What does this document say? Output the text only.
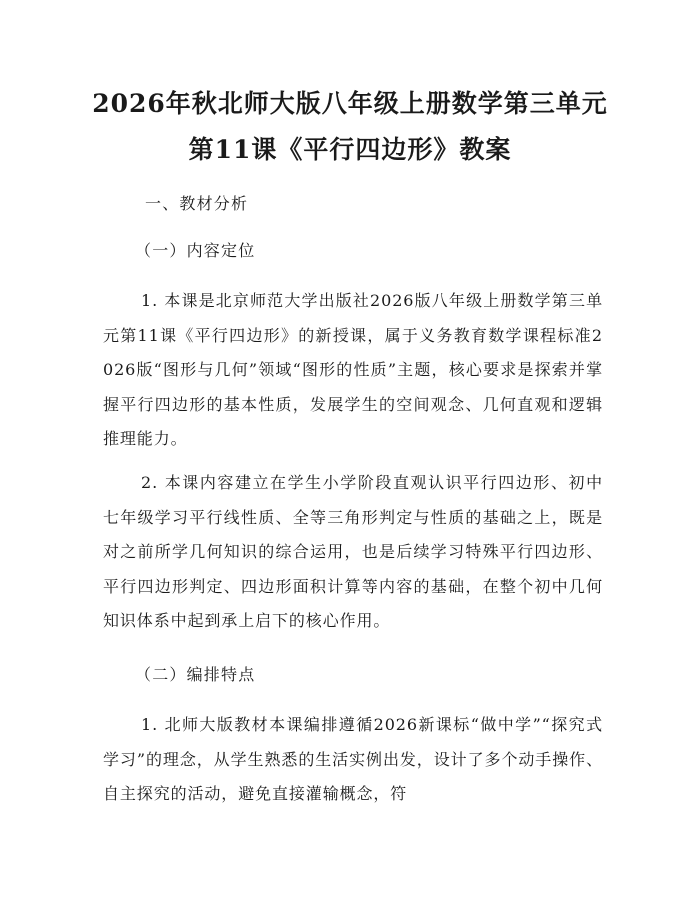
2026年秋北师大版八年级上册数学第三单元
第11课《平行四边形》教案
一、教材分析
（一）内容定位
1. 本课是北京师范大学出版社2026版八年级上册数学第三单元第11课《平行四边形》的新授课，属于义务教育数学课程标准2026版“图形与几何”领域“图形的性质”主题，核心要求是探索并掌握平行四边形的基本性质，发展学生的空间观念、几何直观和逻辑推理能力。
2. 本课内容建立在学生小学阶段直观认识平行四边形、初中七年级学习平行线性质、全等三角形判定与性质的基础之上，既是对之前所学几何知识的综合运用，也是后续学习特殊平行四边形、平行四边形判定、四边形面积计算等内容的基础，在整个初中几何知识体系中起到承上启下的核心作用。
（二）编排特点
1. 北师大版教材本课编排遵循2026新课标“做中学”“探究式学习”的理念，从学生熟悉的生活实例出发，设计了多个动手操作、自主探究的活动，避免直接灌输概念，符
